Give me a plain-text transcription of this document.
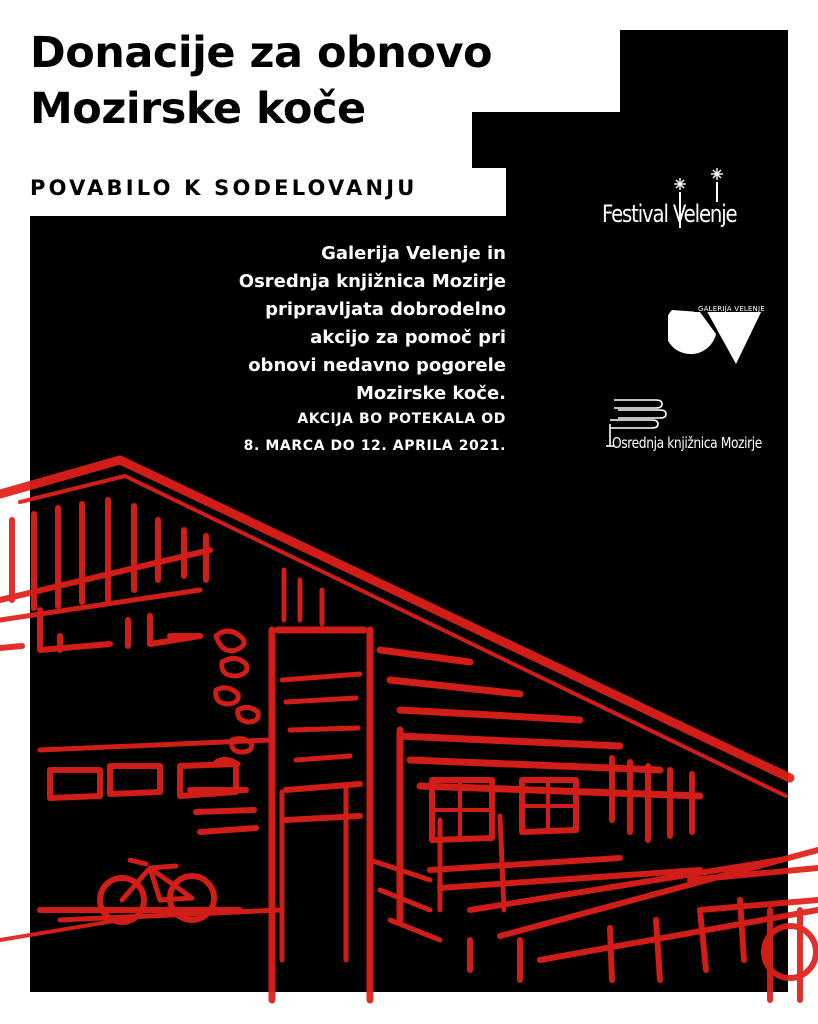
Donacije za obnovo
Mozirske koče
POVABILO K SODELOVANJU
Galerija Velenje in
Osrednja knjižnica Mozirje
pripravljata dobrodelno
akcijo za pomoč pri
obnovi nedavno pogorele
Mozirske koče.
AKCIJA BO POTEKALA OD
8. MARCA DO 12. APRILA 2021.
Festival Velenje
GALERIJA VELENJE
Osrednja knjižnica Mozirje
